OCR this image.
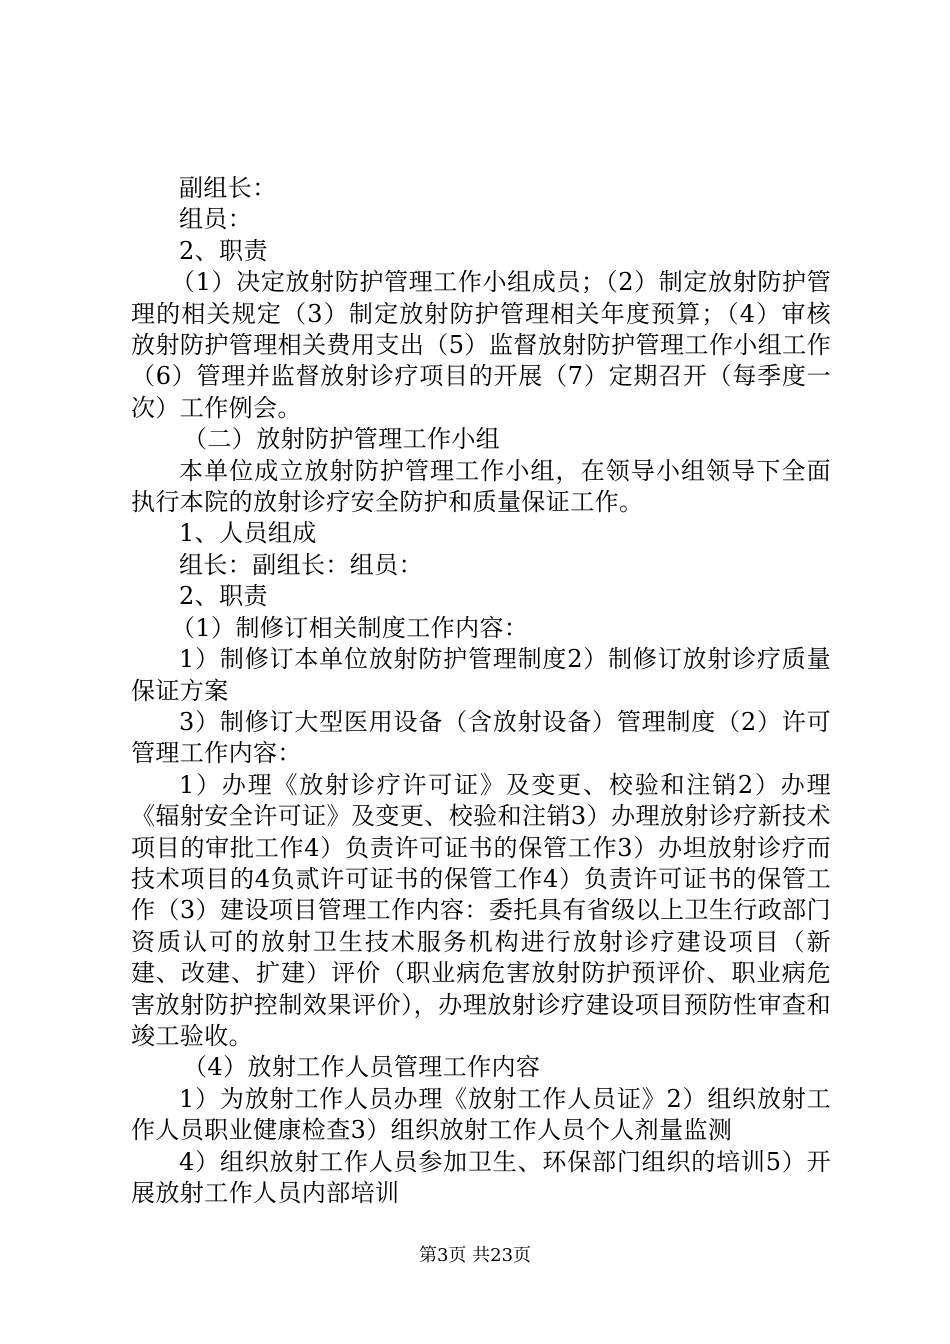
副组长：

组员：

2、职责

（1）决定放射防护管理工作小组成员；（2）制定放射防护管理的相关规定（3）制定放射防护管理相关年度预算；（4）审核放射防护管理相关费用支出（5）监督放射防护管理工作小组工作（6）管理并监督放射诊疗项目的开展（7）定期召开（每季度一次）工作例会。

（二）放射防护管理工作小组

本单位成立放射防护管理工作小组，在领导小组领导下全面执行本院的放射诊疗安全防护和质量保证工作。

1、人员组成

组长：副组长：组员：

2、职责

（1）制修订相关制度工作内容：

1）制修订本单位放射防护管理制度2）制修订放射诊疗质量保证方案

3）制修订大型医用设备（含放射设备）管理制度（2）许可管理工作内容：

1）办理《放射诊疗许可证》及变更、校验和注销2）办理《辐射安全许可证》及变更、校验和注销3）办理放射诊疗新技术项目的审批工作4）负责许可证书的保管工作3）办坦放射诊疗而技术项目的4负贰许可证书的保管工作4）负责许可证书的保管工作（3）建设项目管理工作内容：委托具有省级以上卫生行政部门资质认可的放射卫生技术服务机构进行放射诊疗建设项目（新建、改建、扩建）评价（职业病危害放射防护预评价、职业病危害放射防护控制效果评价），办理放射诊疗建设项目预防性审查和竣工验收。

（4）放射工作人员管理工作内容

1）为放射工作人员办理《放射工作人员证》2）组织放射工作人员职业健康检查3）组织放射工作人员个人剂量监测

4）组织放射工作人员参加卫生、环保部门组织的培训5）开展放射工作人员内部培训

第3页 共23页
